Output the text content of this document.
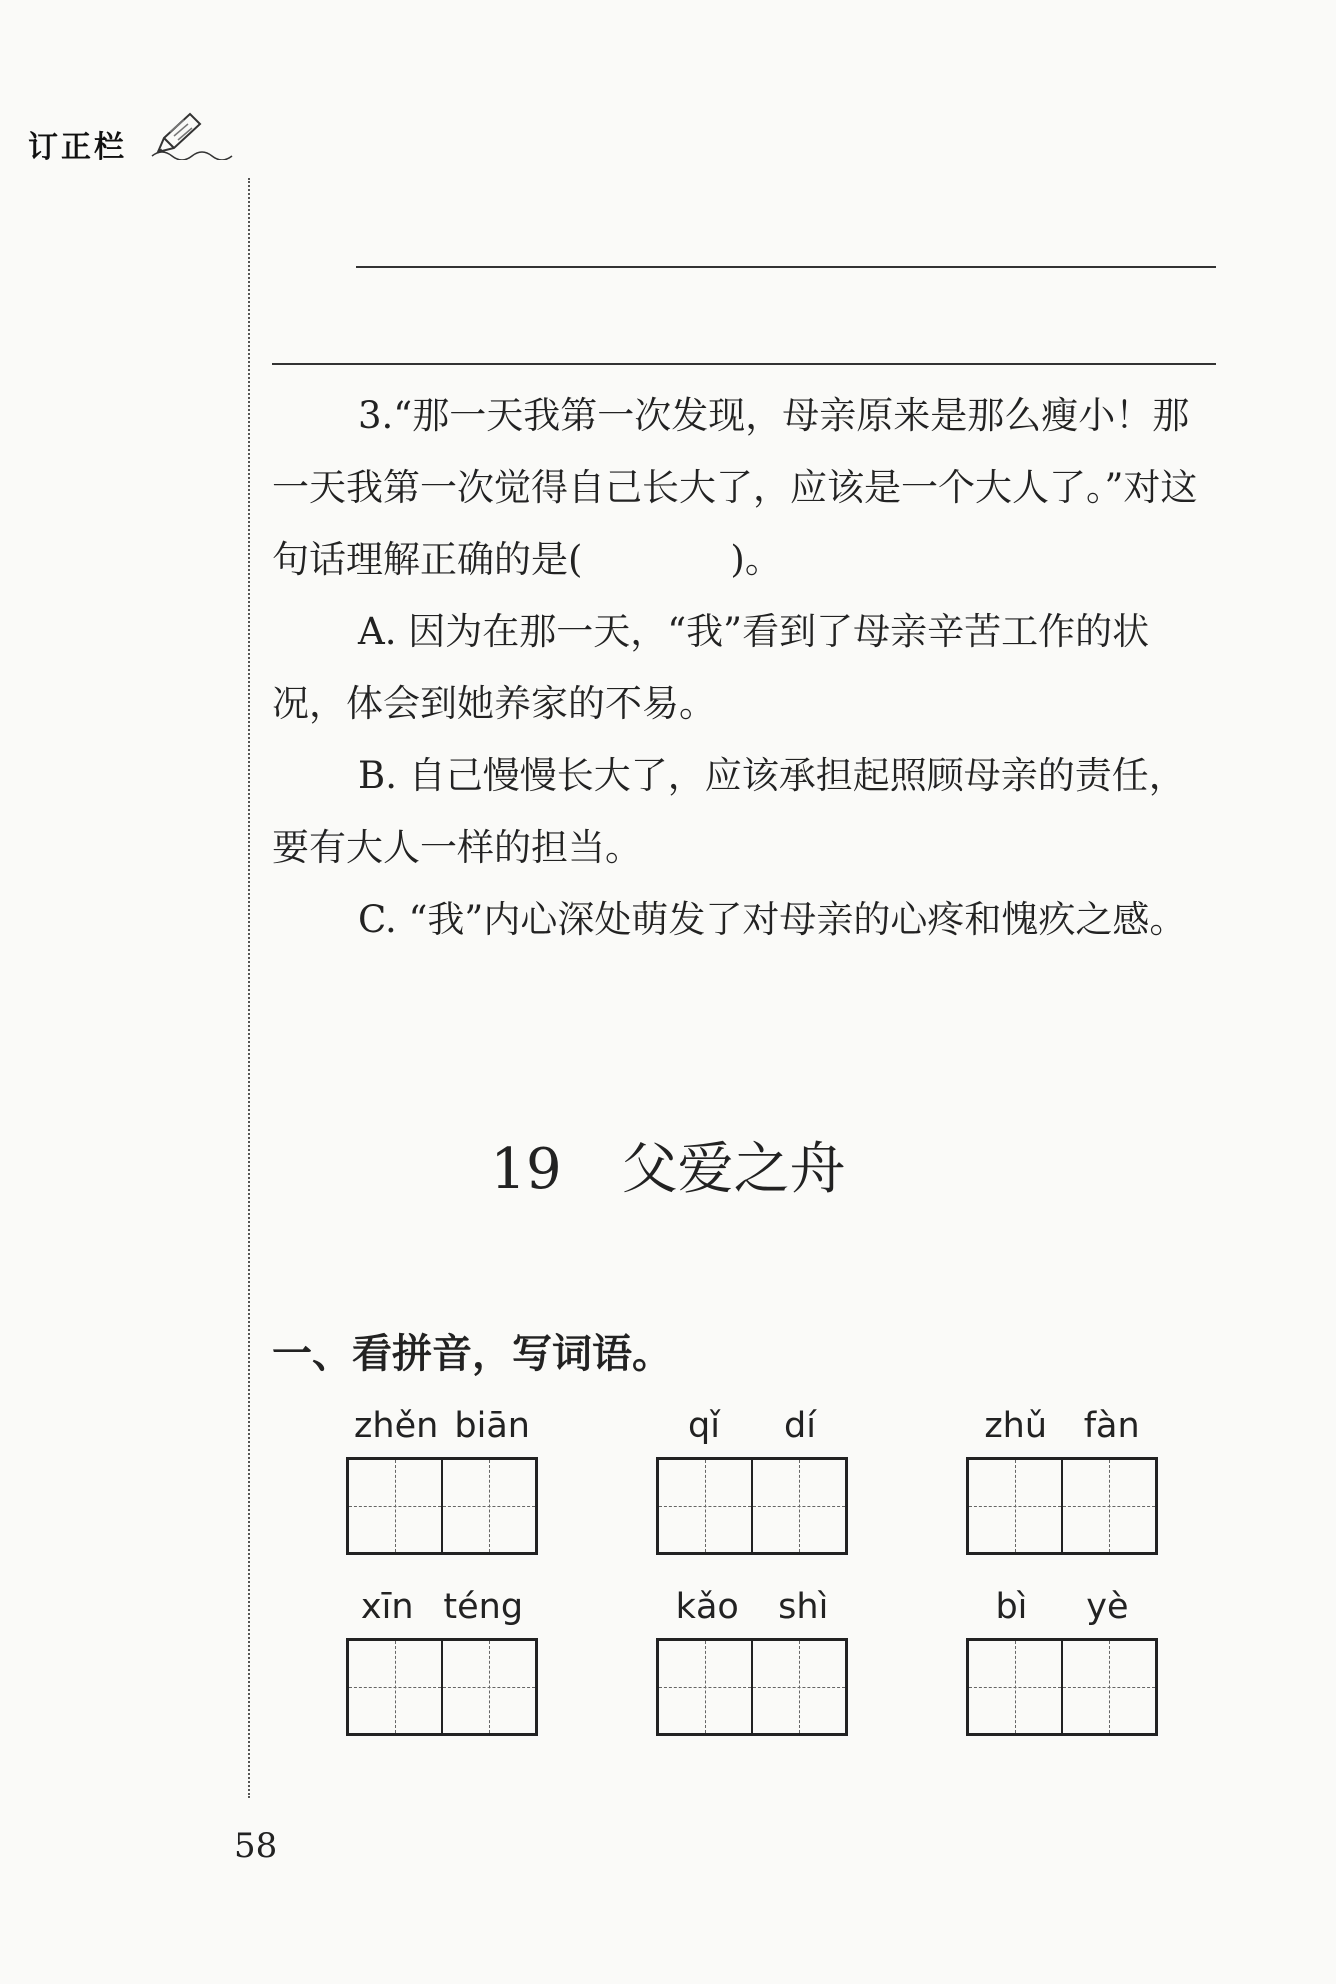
订正栏

3.“那一天我第一次发现，母亲原来是那么瘦小！那一天我第一次觉得自己长大了，应该是一个大人了。”对这句话理解正确的是(　　　　)。

A. 因为在那一天，“我”看到了母亲辛苦工作的状况，体会到她养家的不易。

B. 自己慢慢长大了，应该承担起照顾母亲的责任，要有大人一样的担当。

C. “我”内心深处萌发了对母亲的心疼和愧疚之感。

19 父爱之舟
一、看拼音，写词语。
zhěn biān	qǐ dí	zhǔ fàn
xīn téng	kǎo shì	bì yè
58
